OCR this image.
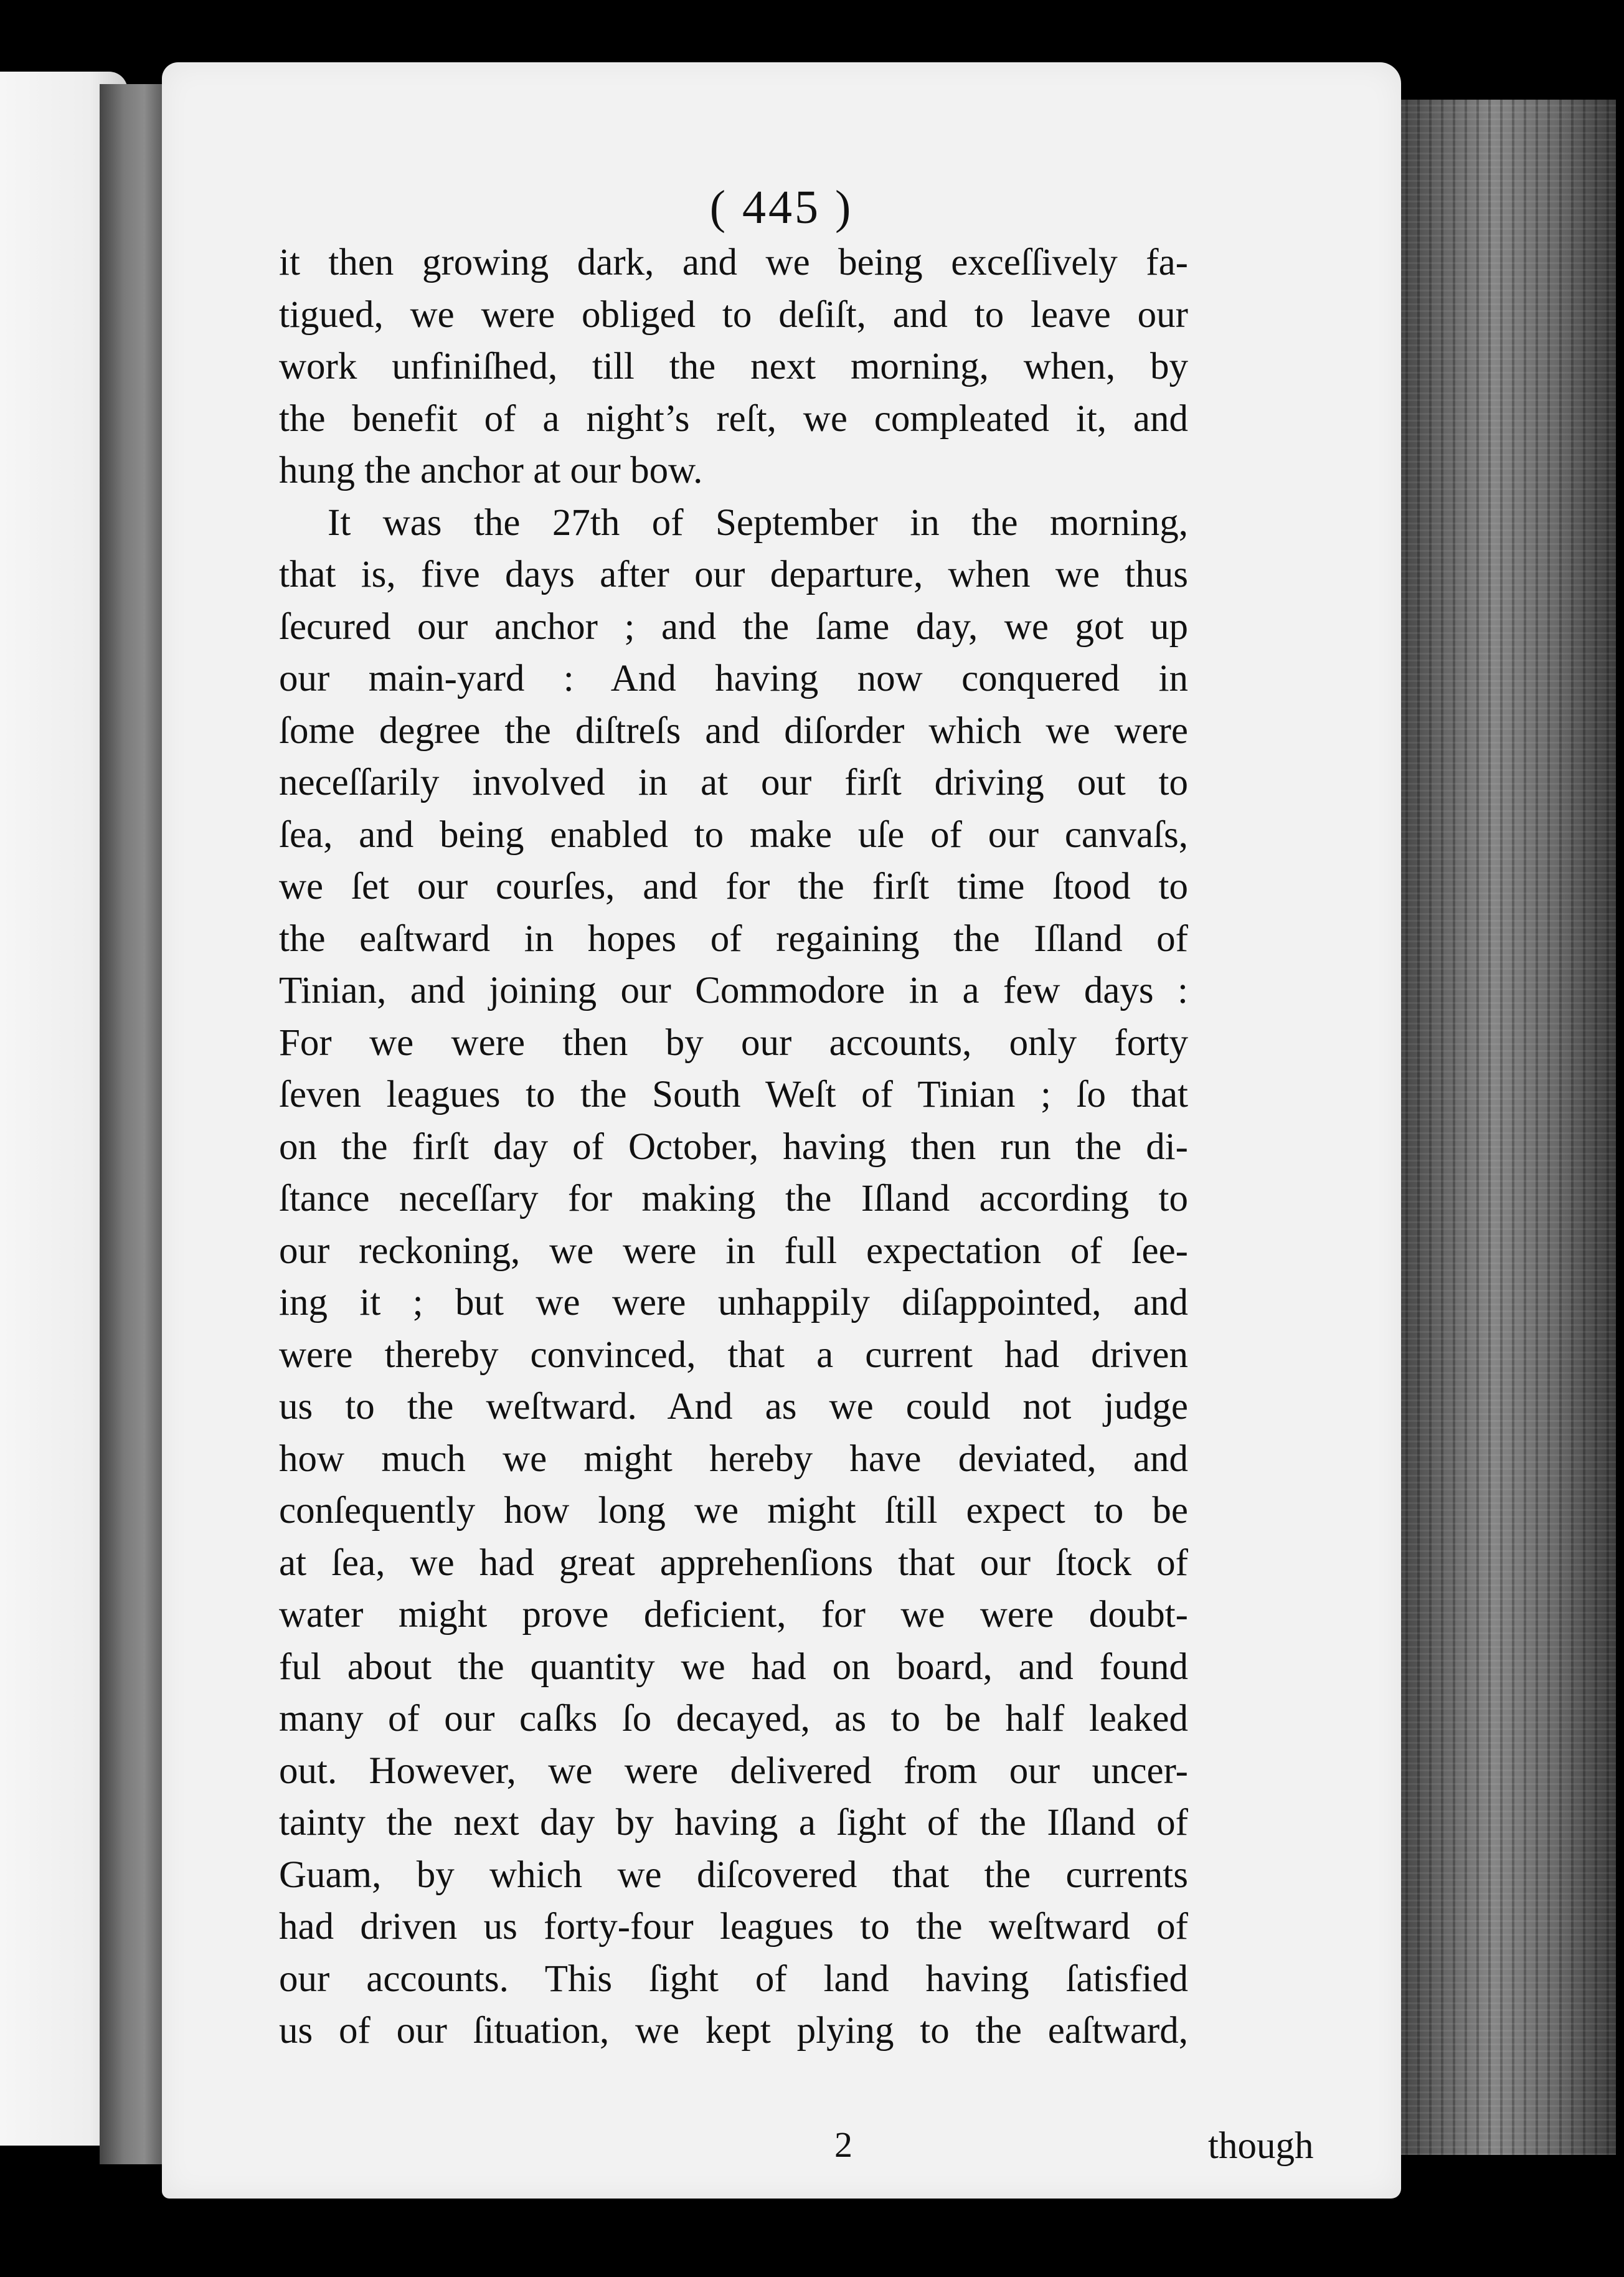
( 445 )
2	though
it then growing dark, and we being exceſſively fa-
tigued, we were obliged to deſiſt, and to leave our
work unfiniſhed, till the next morning, when, by
the benefit of a night’s reſt, we compleated it, and
hung the anchor at our bow.
It was the 27th of September in the morning,
that is, five days after our departure, when we thus
ſecured our anchor ; and the ſame day, we got up
our main-yard : And having now conquered in
ſome degree the diſtreſs and diſorder which we were
neceſſarily involved in at our firſt driving out to
ſea, and being enabled to make uſe of our canvaſs,
we ſet our courſes, and for the firſt time ſtood to
the eaſtward in hopes of regaining the Iſland of
Tinian, and joining our Commodore in a few days :
For we were then by our accounts, only forty
ſeven leagues to the South Weſt of Tinian ; ſo that
on the firſt day of October, having then run the di-
ſtance neceſſary for making the Iſland according to
our reckoning, we were in full expectation of ſee-
ing it ; but we were unhappily diſappointed, and
were thereby convinced, that a current had driven
us to the weſtward. And as we could not judge
how much we might hereby have deviated, and
conſequently how long we might ſtill expect to be
at ſea, we had great apprehenſions that our ſtock of
water might prove deficient, for we were doubt-
ful about the quantity we had on board, and found
many of our caſks ſo decayed, as to be half leaked
out. However, we were delivered from our uncer-
tainty the next day by having a ſight of the Iſland of
Guam, by which we diſcovered that the currents
had driven us forty-four leagues to the weſtward of
our accounts. This ſight of land having ſatisfied
us of our ſituation, we kept plying to the eaſtward,
